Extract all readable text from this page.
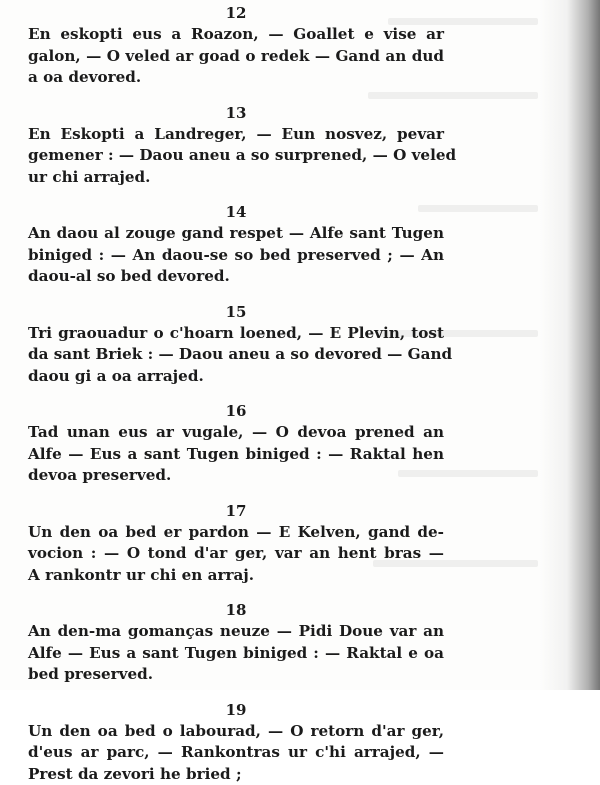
12

En eskopti eus a Roazon, — Goallet e vise ar

galon, — O veled ar goad o redek — Gand an dud

a oa devored.

13

En Eskopti a Landreger, — Eun nosvez, pevar

gemener : — Daou aneu a so surprened, — O veled

ur chi arrajed.

14

An daou al zouge gand respet — Alfe sant Tugen

biniged : — An daou-se so bed preserved ; — An

daou-al so bed devored.

15

Tri graouadur o c'hoarn loened, — E Plevin, tost

da sant Briek : — Daou aneu a so devored — Gand

daou gi a oa arrajed.

16

Tad unan eus ar vugale, — O devoa prened an

Alfe — Eus a sant Tugen biniged : — Raktal hen

devoa preserved.

17

Un den oa bed er pardon — E Kelven, gand de-

vocion : — O tond d'ar ger, var an hent bras —

A rankontr ur chi en arraj.

18

An den-ma gomanças neuze — Pidi Doue var an

Alfe — Eus a sant Tugen biniged : — Raktal e oa

bed preserved.

19

Un den oa bed o labourad, — O retorn d'ar ger,

d'eus ar parc, — Rankontras ur c'hi arrajed, —

Prest da zevori he bried ;
